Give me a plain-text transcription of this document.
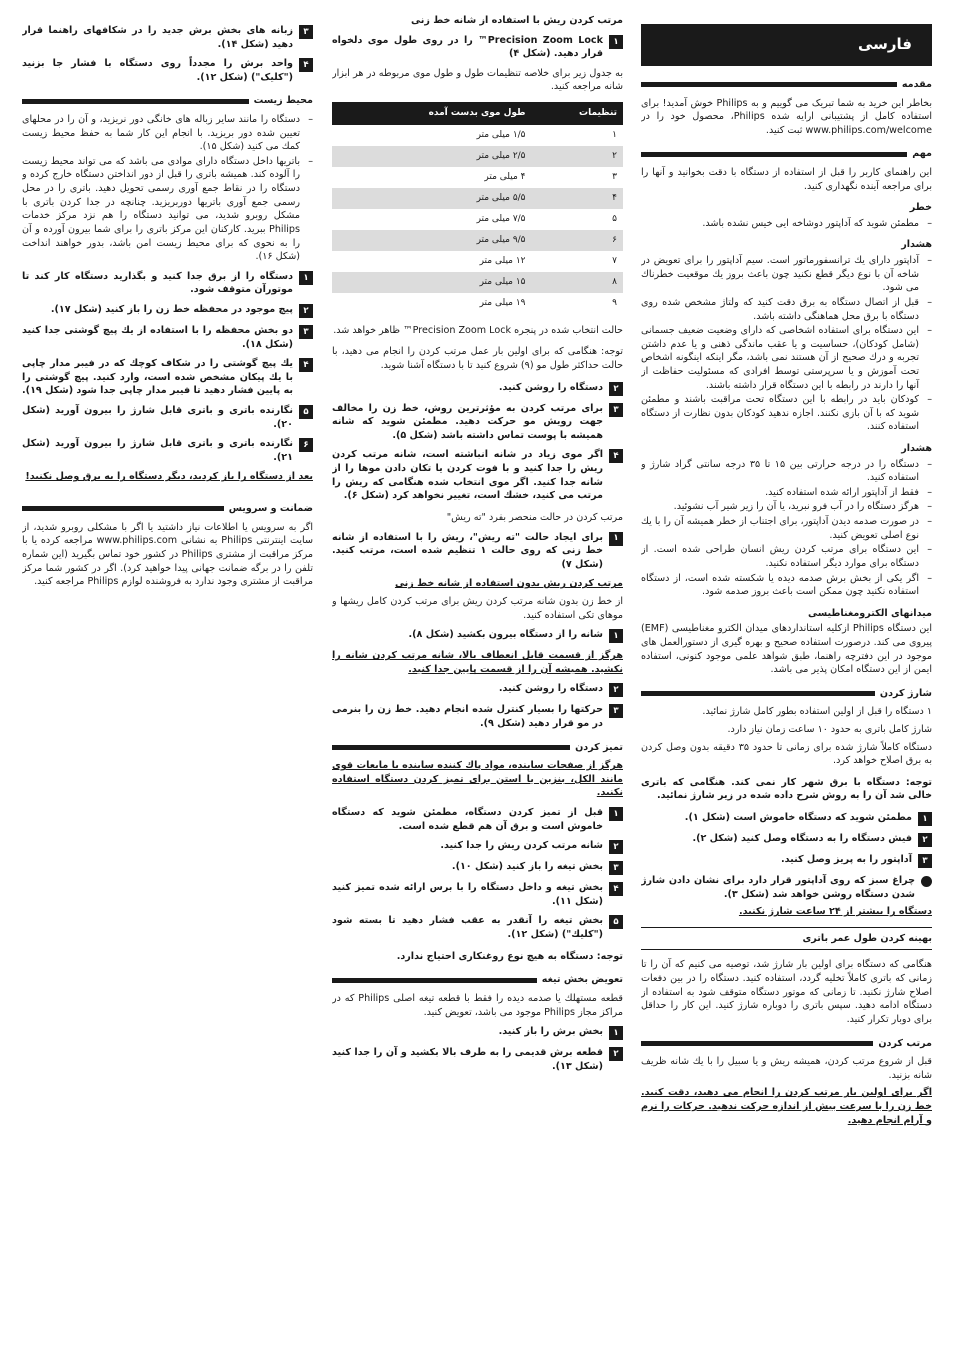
فارسی
مقدمه

بخاطر این خرید به شما تبریک می گوییم و به Philips خوش آمدید! برای استفاده کامل از پشتیبانی ارایه شده Philips، محصول خود را در www.philips.com/welcome ثبت کنید.

مهم

این راهنمای کاربر را قبل از استفاده از دستگاه با دقت بخوانید و آنها را برای مراجعه آینده نگهداری کنید.

خطر
– مطمئن شوید که آداپتور دوشاخه ایی خیس نشده باشد.
هشدار
– آداپتور دارای یك ترانسفورماتور است. سیم آداپتور را برای تعویض در شاخه آن با نوع دیگر قطع نكنید چون باعث بروز یك موقعیت خطرناك می شود.
– قبل از اتصال دستگاه به برق دقت کنید که ولتاژ مشخص شده روی دستگاه با برق محل هماهنگی داشته باشد.
– این دستگاه برای استفاده اشخاصی که دارای وضعیت ضعیف جسمانی (شامل کودکان)، حساسیت و یا عقب ماندگی ذهنی و یا عدم داشتن تجربه و درك صحیح از آن هستند نمی باشد، مگر اینکه اینگونه اشخاص تحت آموزش و یا سرپرستی توسط افرادی که مسئولیت حفاظت از آنها را دارند در رابطه با این دستگاه قرار داشته باشند.
– کودکان باید در رابطه با این دستگاه تحت مراقبت باشند و مطمئن شوید که با آن بازی نکنند. اجازه ندهید کودکان بدون نظارت از دستگاه استفاده کنند.
هشدار
– دستگاه را در درجه حرارتی بین ۱۵ تا ۳۵ درجه سانتی گراد شارژ و استفاده کنید.
– فقط از آداپتور ارائه شده استفاده کنید.
– هرگز دستگاه را در آب فرو نبرید، یا آن را زیر شیر آب نشوئید.
– در صورت صدمه دیدن آداپتور، برای اجتناب از خطر همیشه آن را با یك نوع اصلی تعویض كنید.
– این دستگاه برای مرتب کردن ریش انسان طراحی شده است. از دستگاه برای موارد دیگر استفاده نکنید.
– اگر یکی از بخش برش صدمه دیده یا شکسته شده است، از دستگاه استفاده نکنید چون ممکن است باعث بروز صدمه شود.
میدانهای الکترومغناطیسی

این دستگاه Philips ازکلیه استانداردهای میدان الکترو مغناطیسی (EMF) پیروی می کند. درصورت استفاده صحیح و بهره گیری از دستورالعمل های موجود در این دفترچه راهنما، طبق شواهد علمی موجود کنونی، استفاده ایمن از این دستگاه امکان پذیر می باشد.

شارژ کردن

۱ دستگاه را قبل از اولین استفاده بطور کامل شارژ نمائید.

شارژ کامل باتری به حدود ۱۰ ساعت زمان نیاز دارد.

دستگاه کاملاً شارژ شده برای زمانی تا حدود ۳۵ دقیقه بدون وصل کردن به برق اصلاح خواهد کرد.

توجه: دستگاه با برق شهر کار نمی کند. هنگامی که باتری خالی شد آن را به روش شرح داده شده در زیر شارژ نمائید.

۱
مطمئن شوید که دستگاه خاموش است (شکل ۱).
۲
فیش دستگاه را به دستگاه وصل کنید (شکل ۲).
۳
آداپتور را به پریز وصل کنید.
چراغ سبز که روی آداپتور قرار دارد برای نشان دادن شارژ شدن دستگاه روشن خواهد شد (شکل ۳).

دستگاه را بیشتر از ۲۴ ساعت شارژ نکنید.

بهینه کردن طول عمر باتری

هنگامی که دستگاه برای اولین بار شارژ شد، توصیه می کنیم که آن را تا زمانی که باتری کاملاً تخلیه گردد، استفاده کنید. دستگاه را در بین دفعات اصلاح شارژ نکنید. تا زمانی که موتور دستگاه متوقف شود به استفاده از دستگاه ادامه دهید. سپس باتری را دوباره شارژ کنید. این کار را حداقل برای دوبار تکرار کنید.

مرتب کردن

قبل از شروع مرتب کردن، همیشه ریش و یا سبیل را با یك شانه ظریف شانه بزنید.

اگر برای اولین بار مرتب کردن را انجام می دهید، دقت کنید. خط زن را با سرعت بیش از اندازه حرکت ندهید. حرکات را نرم و آرام انجام دهید.

مرتب کردن ریش با استفاده از شانه خط زنی

۱
Precision Zoom Lock™ را در روی طول موی دلخواه قرار دهید. (شکل ۴)

به جدول زیر برای خلاصه تنظیمات طول و طول موی مربوطه در هر ابزار شانه مراجعه کنید.

تنظیمات	طول موی بدست آمده
۱	۱/۵ میلی متر
۲	۲/۵ میلی متر
۳	۴ میلی متر
۴	۵/۵ میلی متر
۵	۷/۵ میلی متر
۶	۹/۵ میلی متر
۷	۱۲ میلی متر
۸	۱۵ میلی متر
۹	۱۹ میلی متر

حالت انتخاب شده در پنجره Precision Zoom Lock™ ظاهر خواهد شد.

توجه: هنگامی که برای اولین بار عمل مرتب کردن را انجام می دهید، با حالت حداکثر طول مو (۹) شروع کنید تا با دستگاه آشنا شوید.

۲
دستگاه را روشن کنید.
۳
برای مرتب کردن به مؤثرترین روش، خط زن را مخالف جهت رویش مو حرکت دهید. مطمئن شوید که شانه همیشه با پوست تماس داشته باشد (شکل ۵).
۴
اگر موی زیاد در شانه انباشته است، شانه مرتب کردن ریش را جدا کنید و با فوت کردن یا تکان دادن موها را از شانه جدا کنید. اگر موی انتخاب شده هنگامی که ریش را مرتب می کنید، خشك است، تغییر نخواهد کرد (شکل ۶).

مرتب کردن در حالت منحصر بفرد "ته ریش"

۱
برای ایجاد حالت "ته ریش"، ریش را با استفاده از شانه خط زنی که روی حالت ۱ تنظیم شده است، مرتب کنید. (شکل ۷)

مرتب کردن ریش بدون استفاده از شانه خط زنی

از خط زن بدون شانه مرتب کردن ریش برای مرتب کردن کامل ریشها و موهای تکی استفاده کنید.

۱
شانه را از دستگاه بیرون بکشید (شکل ۸).

هرگز از قسمت قابل انعطاف بالا، شانه مرتب کردن شانه را نکشید. همیشه آن را از قسمت پایین جدا کنید.

۲
دستگاه را روشن کنید.
۳
حرکتها را بسیار کنترل شده انجام دهید. خط زن را بنرمی در مو قرار دهید (شکل ۹).
تمیز کردن

هرگز از صفحات ساینده، مواد پاك كننده ساینده یا مایعات قوی مانند الکل، بنزین یا استن برای تمیز کردن دستگاه استفاده نکنید.

۱
قبل از تمیز کردن دستگاه، مطمئن شوید که دستگاه خاموش است و برق آن هم قطع شده است.
۲
شانه مرتب کردن ریش را جدا کنید.
۳
بخش تیغه را باز کنید (شکل ۱۰).
۴
بخش تیغه و داخل دستگاه را با برس ارائه شده تمیز کنید (شکل ۱۱).
۵
بخش تیغه را آنقدر به عقب فشار دهید تا بسته شود ("کلیك") (شکل ۱۲).

توجه: دستگاه به هیچ نوع روغنکاری احتیاج ندارد.

تعویض بخش تیغه

قطعه مستهلك یا صدمه دیده را فقط با قطعه تیغه اصلی Philips که در مراکز مجاز Philips موجود می باشد، تعویض کنید.

۱
بخش برش را باز کنید.
۲
قطعه برش قدیمی را به طرف بالا بکشید و آن را جدا کنید (شکل ۱۳).
۳
زبانه های بخش برش جدید را در شکافهای راهنما قرار دهید (شکل ۱۴).
۴
واحد برش را مجدداً روی دستگاه با فشار جا بزنید ("کلیک") (شکل ۱۲).
محیط زیست
– دستگاه را مانند سایر زباله های خانگی دور نریزید، و آن را در محلهای تعیین شده دور بریزید. با انجام این کار شما به حفظ محیط زیست کمك می كنید (شکل ۱۵).
– باتریها داخل دستگاه دارای موادی می باشد که می تواند محیط زیست را آلوده کند. همیشه باتری را قبل از دور انداختن دستگاه خارج کرده و دستگاه را در نقاط جمع آوری رسمی تحویل دهید. باتری را در محل رسمی جمع آوری باتریها دوربریزید. چنانچه در جدا کردن باتری با مشکل روبرو شدید، می توانید دستگاه را هم نزد مرکز خدمات Philips ببرید. کارکنان این مرکز باتری را برای شما بیرون آورده و آن را به نحوی که برای محیط زیست امن باشد، بدور خواهند انداخت (شکل ۱۶).
۱
دستگاه را از برق جدا کنید و بگذارید دستگاه کار کند تا موتورآن متوقف شود.
۲
پیچ موجود در محفظه خط زن را باز کنید (شکل ۱۷).
۳
دو بخش محفظه را با استفاده از یك پیچ گوشتی جدا کنید (شکل ۱۸).
۴
یك پیچ گوشتی را در شکاف کوچك که در فیبر مدار چاپی با یك پیکان مشخص شده است، وارد کنید. پیچ گوشتی را به پایین فشار دهید تا فیبر مدار چاپی جدا شود (شکل ۱۹).
۵
نگارنده باتری و باتری قابل شارژ را بیرون آورید (شکل ۲۰).
۶
نگارنده باتری و باتری قابل شارژ را بیرون آورید (شکل ۲۱).

بعد از دستگاه را باز کردید، دیگر دستگاه را به برق وصل نکنید!

ضمانت و سرویس

اگر به سرویس یا اطلاعات نیاز داشتید یا اگر با مشکلی روبرو شدید، از سایت اینترنتی Philips به نشانی www.philips.com مراجعه کرده یا با مرکز مراقبت از مشتری Philips در کشور خود تماس بگیرید (این شماره تلفن را در برگه ضمانت جهانی پیدا خواهید کرد). اگر در کشور شما مرکز مراقبت از مشتری وجود ندارد به فروشنده لوازم Philips مراجعه کنید.
